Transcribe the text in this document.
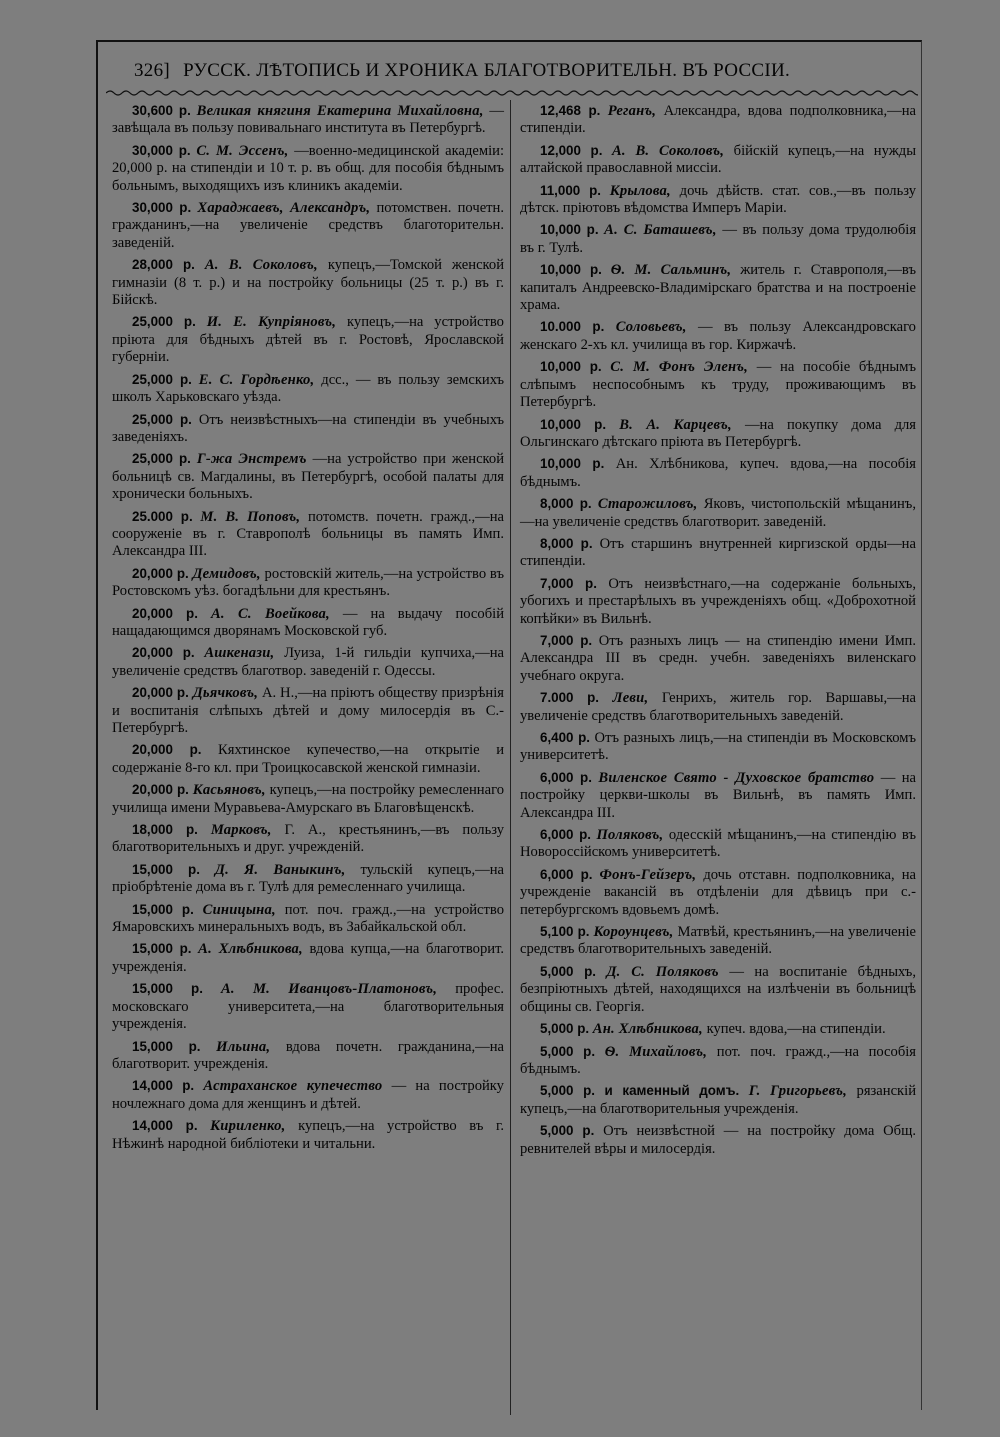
326] РУССК. ЛѢТОПИСЬ И ХРОНИКА БЛАГОТВОРИТЕЛЬН. ВЪ РОССІИ.

30,600 р. Великая княгиня Екатерина Михайловна, —завѣщала въ пользу повивальнаго института въ Петербургѣ.

30,000 р. С. М. Эссенъ, —военно-медицинской академіи: 20,000 р. на стипендіи и 10 т. р. въ общ. для пособія бѣднымъ больнымъ, выходящихъ изъ клиникъ академіи.

30,000 р. Хараджаевъ, Александръ, потомствен. почетн. гражданинъ,—на увеличеніе средствъ благоторительн. заведеній.

28,000 р. А. В. Соколовъ, купецъ,—Томской женской гимназіи (8 т. р.) и на постройку больницы (25 т. р.) въ г. Бійскѣ.

25,000 р. И. Е. Купріяновъ, купецъ,—на устройство пріюта для бѣдныхъ дѣтей въ г. Ростовѣ, Ярославской губерніи.

25,000 р. Е. С. Гордѣенко, дсс., — въ пользу земскихъ школъ Харьковскаго уѣзда.

25,000 р. Отъ неизвѣстныхъ—на стипендіи въ учебныхъ заведеніяхъ.

25,000 р. Г-жа Энстремъ —на устройство при женской больницѣ св. Магдалины, въ Петербургѣ, особой палаты для хронически больныхъ.

25.000 р. М. В. Поповъ, потомств. почетн. гражд.,—на сооруженіе въ г. Ставрополѣ больницы въ память Имп. Александра III.

20,000 р. Демидовъ, ростовскій житель,—на устройство въ Ростовскомъ уѣз. богадѣльни для крестьянъ.

20,000 р. А. С. Воейкова, — на выдачу пособій нащадающимся дворянамъ Московской губ.

20,000 р. Ашкенази, Луиза, 1-й гильдіи купчиха,—на увеличеніе средствъ благотвор. заведеній г. Одессы.

20,000 р. Дьячковъ, А. Н.,—на пріютъ обществу призрѣнія и воспитанія слѣпыхъ дѣтей и дому милосердія въ С.-Петербургѣ.

20,000 р. Кяхтинское купечество,—на открытіе и содержаніе 8-го кл. при Троицкосавской женской гимназіи.

20,000 р. Касьяновъ, купецъ,—на постройку ремесленнаго училища имени Муравьева-Амурскаго въ Благовѣщенскѣ.

18,000 р. Марковъ, Г. А., крестьянинъ,—въ пользу благотворительныхъ и друг. учрежденій.

15,000 р. Д. Я. Ваныкинъ, тульскій купецъ,—на пріобрѣтеніе дома въ г. Тулѣ для ремесленнаго училища.

15,000 р. Синицына, пот. поч. гражд.,—на устройство Ямаровскихъ минеральныхъ водъ, въ Забайкальской обл.

15,000 р. А. Хлѣбникова, вдова купца,—на благотворит. учрежденія.

15,000 р. А. М. Иванцовъ-Платоновъ, профес. московскаго университета,—на благотворительныя учрежденія.

15,000 р. Ильина, вдова почетн. гражданина,—на благотворит. учрежденія.

14,000 р. Астраханское купечество — на постройку ночлежнаго дома для женщинъ и дѣтей.

14,000 р. Кириленко, купецъ,—на устройство въ г. Нѣжинѣ народной библіотеки и читальни.

12,468 р. Реганъ, Александра, вдова подполковника,—на стипендіи.

12,000 р. А. В. Соколовъ, бійскій купецъ,—на нужды алтайской православной миссіи.

11,000 р. Крылова, дочь дѣйств. стат. сов.,—въ пользу дѣтск. пріютовъ вѣдомства Имперъ Маріи.

10,000 р. А. С. Баташевъ, — въ пользу дома трудолюбія въ г. Тулѣ.

10,000 р. Ѳ. М. Сальминъ, житель г. Ставрополя,—въ капиталъ Андреевско-Владимірскаго братства и на построеніе храма.

10.000 р. Соловьевъ, — въ пользу Александровскаго женскаго 2-хъ кл. училища въ гор. Киржачѣ.

10,000 р. С. М. Фонъ Эленъ, — на пособіе бѣднымъ слѣпымъ неспособнымъ къ труду, проживающимъ въ Петербургѣ.

10,000 р. В. А. Карцевъ, —на покупку дома для Ольгинскаго дѣтскаго пріюта въ Петербургѣ.

10,000 р. Ан. Хлѣбникова, купеч. вдова,—на пособія бѣднымъ.

8,000 р. Старожиловъ, Яковъ, чистопольскій мѣщанинъ,—на увеличеніе средствъ благотворит. заведеній.

8,000 р. Отъ старшинъ внутренней киргизской орды—на стипендіи.

7,000 р. Отъ неизвѣстнаго,—на содержаніе больныхъ, убогихъ и престарѣлыхъ въ учрежденіяхъ общ. «Доброхотной копѣйки» въ Вильнѣ.

7,000 р. Отъ разныхъ лицъ — на стипендію имени Имп. Александра III въ средн. учебн. заведеніяхъ виленскаго учебнаго округа.

7.000 р. Леви, Генрихъ, житель гор. Варшавы,—на увеличеніе средствъ благотворительныхъ заведеній.

6,400 р. Отъ разныхъ лицъ,—на стипендіи въ Московскомъ университетѣ.

6,000 р. Виленское Свято - Духовское братство — на постройку церкви-школы въ Вильнѣ, въ память Имп. Александра III.

6,000 р. Поляковъ, одесскій мѣщанинъ,—на стипендію въ Новороссійскомъ университетѣ.

6,000 р. Фонъ-Гейзеръ, дочь отставн. подполковника, на учрежденіе вакансій въ отдѣленіи для дѣвицъ при с.-петербургскомъ вдовьемъ домѣ.

5,100 р. Короунцевъ, Матвѣй, крестьянинъ,—на увеличеніе средствъ благотворительныхъ заведеній.

5,000 р. Д. С. Поляковъ — на воспитаніе бѣдныхъ, безпріютныхъ дѣтей, находящихся на излѣченіи въ больницѣ общины св. Георгія.

5,000 р. Ан. Хлѣбникова, купеч. вдова,—на стипендіи.

5,000 р. Ѳ. Михайловъ, пот. поч. гражд.,—на пособія бѣднымъ.

5,000 р. и каменный домъ. Г. Григорьевъ, рязанскій купецъ,—на благотворительныя учрежденія.

5,000 р. Отъ неизвѣстной — на постройку дома Общ. ревнителей вѣры и милосердія.
